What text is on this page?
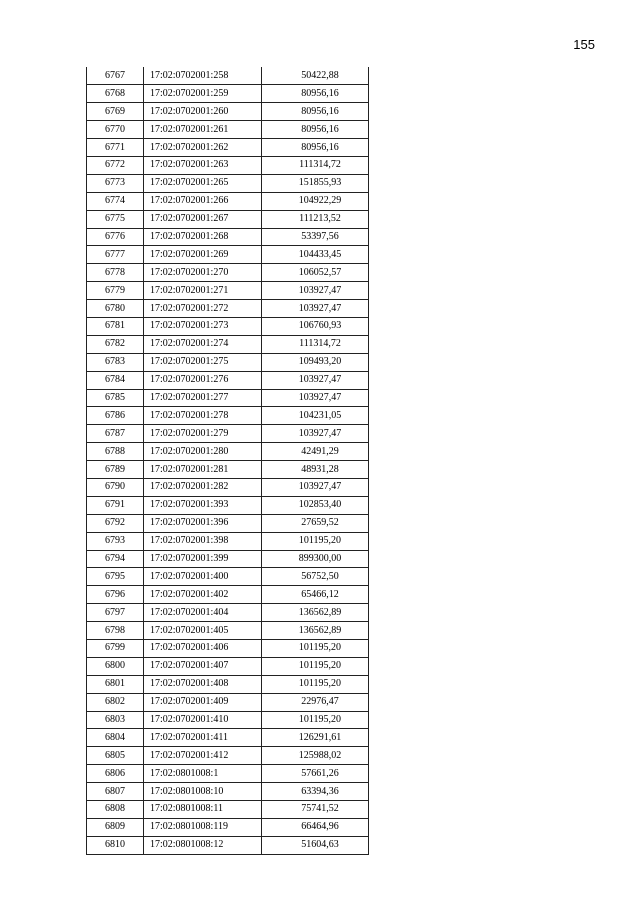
155
6767	17:02:0702001:258	50422,88
6768	17:02:0702001:259	80956,16
6769	17:02:0702001:260	80956,16
6770	17:02:0702001:261	80956,16
6771	17:02:0702001:262	80956,16
6772	17:02:0702001:263	111314,72
6773	17:02:0702001:265	151855,93
6774	17:02:0702001:266	104922,29
6775	17:02:0702001:267	111213,52
6776	17:02:0702001:268	53397,56
6777	17:02:0702001:269	104433,45
6778	17:02:0702001:270	106052,57
6779	17:02:0702001:271	103927,47
6780	17:02:0702001:272	103927,47
6781	17:02:0702001:273	106760,93
6782	17:02:0702001:274	111314,72
6783	17:02:0702001:275	109493,20
6784	17:02:0702001:276	103927,47
6785	17:02:0702001:277	103927,47
6786	17:02:0702001:278	104231,05
6787	17:02:0702001:279	103927,47
6788	17:02:0702001:280	42491,29
6789	17:02:0702001:281	48931,28
6790	17:02:0702001:282	103927,47
6791	17:02:0702001:393	102853,40
6792	17:02:0702001:396	27659,52
6793	17:02:0702001:398	101195,20
6794	17:02:0702001:399	899300,00
6795	17:02:0702001:400	56752,50
6796	17:02:0702001:402	65466,12
6797	17:02:0702001:404	136562,89
6798	17:02:0702001:405	136562,89
6799	17:02:0702001:406	101195,20
6800	17:02:0702001:407	101195,20
6801	17:02:0702001:408	101195,20
6802	17:02:0702001:409	22976,47
6803	17:02:0702001:410	101195,20
6804	17:02:0702001:411	126291,61
6805	17:02:0702001:412	125988,02
6806	17:02:0801008:1	57661,26
6807	17:02:0801008:10	63394,36
6808	17:02:0801008:11	75741,52
6809	17:02:0801008:119	66464,96
6810	17:02:0801008:12	51604,63
